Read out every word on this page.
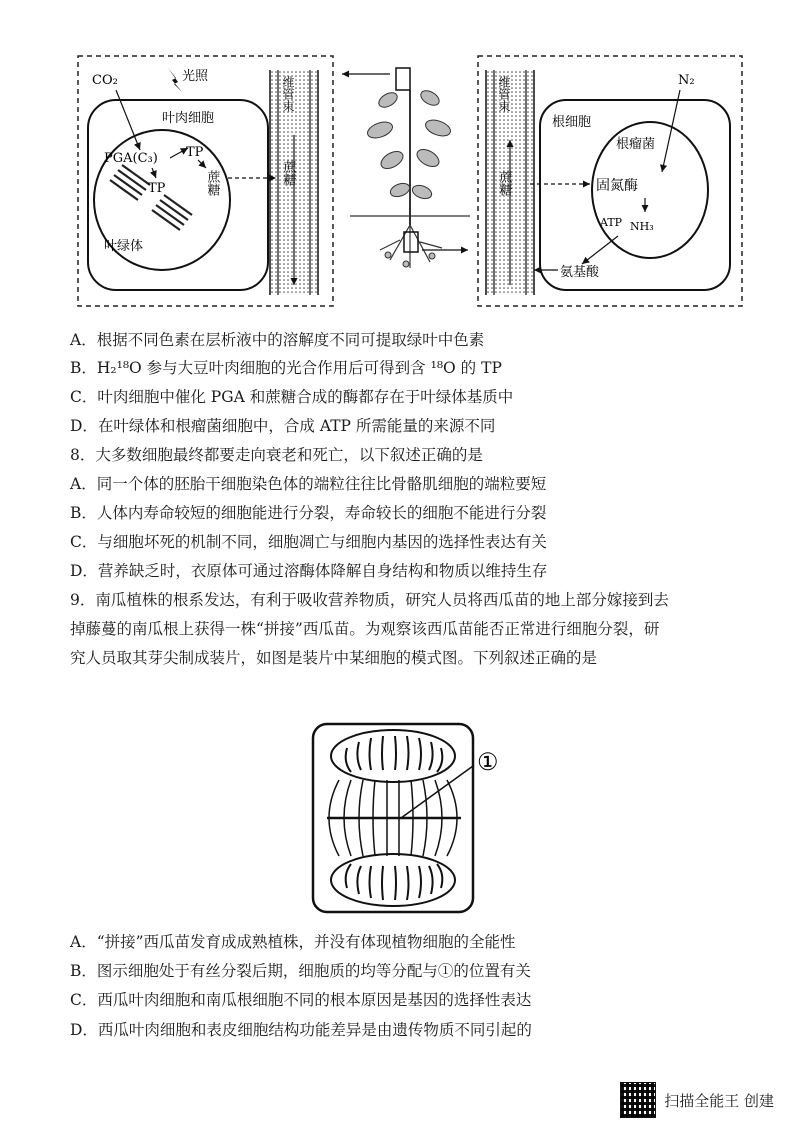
CO₂	光照
叶肉细胞
PGA(C₃) TP
TP
叶绿体
蔗糖
维管束
蔗糖
维管束
蔗糖
根细胞
根瘤菌
N₂
固氮酶
ATP NH₃
氨基酸
A．根据不同色素在层析液中的溶解度不同可提取绿叶中色素
B．H₂¹⁸O 参与大豆叶肉细胞的光合作用后可得到含 ¹⁸O 的 TP
C．叶肉细胞中催化 PGA 和蔗糖合成的酶都存在于叶绿体基质中
D．在叶绿体和根瘤菌细胞中，合成 ATP 所需能量的来源不同
8．大多数细胞最终都要走向衰老和死亡，以下叙述正确的是
A．同一个体的胚胎干细胞染色体的端粒往往比骨骼肌细胞的端粒要短
B．人体内寿命较短的细胞能进行分裂，寿命较长的细胞不能进行分裂
C．与细胞坏死的机制不同，细胞凋亡与细胞内基因的选择性表达有关
D．营养缺乏时，衣原体可通过溶酶体降解自身结构和物质以维持生存
9．南瓜植株的根系发达，有利于吸收营养物质，研究人员将西瓜苗的地上部分嫁接到去
掉藤蔓的南瓜根上获得一株“拼接”西瓜苗。为观察该西瓜苗能否正常进行细胞分裂，研
究人员取其芽尖制成装片，如图是装片中某细胞的模式图。下列叙述正确的是
①
A．“拼接”西瓜苗发育成成熟植株，并没有体现植物细胞的全能性
B．图示细胞处于有丝分裂后期，细胞质的均等分配与①的位置有关
C．西瓜叶肉细胞和南瓜根细胞不同的根本原因是基因的选择性表达
D．西瓜叶肉细胞和表皮细胞结构功能差异是由遗传物质不同引起的
扫描全能王 创建
